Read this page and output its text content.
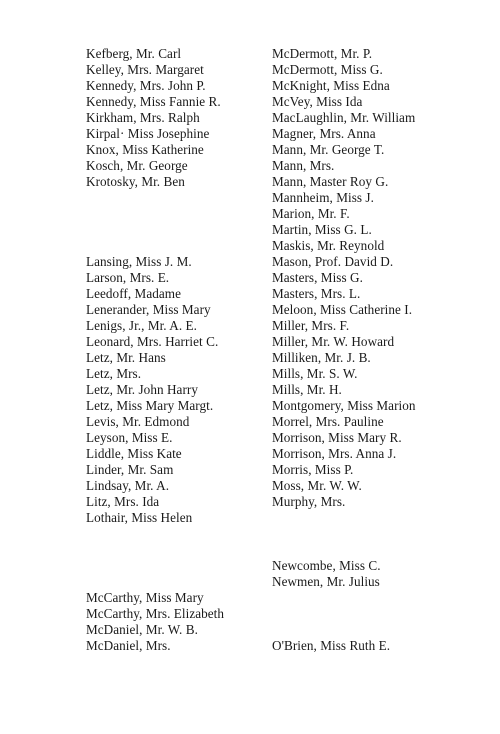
Kefberg, Mr. Carl
Kelley, Mrs. Margaret
Kennedy, Mrs. John P.
Kennedy, Miss Fannie R.
Kirkham, Mrs. Ralph
Kirpal· Miss Josephine
Knox, Miss Katherine
Kosch, Mr. George
Krotosky, Mr. Ben
Lansing, Miss J. M.
Larson, Mrs. E.
Leedoff, Madame
Lenerander, Miss Mary
Lenigs, Jr., Mr. A. E.
Leonard, Mrs. Harriet C.
Letz, Mr. Hans
Letz, Mrs.
Letz, Mr. John Harry
Letz, Miss Mary Margt.
Levis, Mr. Edmond
Leyson, Miss E.
Liddle, Miss Kate
Linder, Mr. Sam
Lindsay, Mr. A.
Litz, Mrs. Ida
Lothair, Miss Helen
McCarthy, Miss Mary
McCarthy, Mrs. Elizabeth
McDaniel, Mr. W. B.
McDaniel, Mrs.
McDermott, Mr. P.
McDermott, Miss G.
McKnight, Miss Edna
McVey, Miss Ida
MacLaughlin, Mr. William
Magner, Mrs. Anna
Mann, Mr. George T.
Mann, Mrs.
Mann, Master Roy G.
Mannheim, Miss J.
Marion, Mr. F.
Martin, Miss G. L.
Maskis, Mr. Reynold
Mason, Prof. David D.
Masters, Miss G.
Masters, Mrs. L.
Meloon, Miss Catherine I.
Miller, Mrs. F.
Miller, Mr. W. Howard
Milliken, Mr. J. B.
Mills, Mr. S. W.
Mills, Mr. H.
Montgomery, Miss Marion
Morrel, Mrs. Pauline
Morrison, Miss Mary R.
Morrison, Mrs. Anna J.
Morris, Miss P.
Moss, Mr. W. W.
Murphy, Mrs.
Newcombe, Miss C.
Newmen, Mr. Julius
O'Brien, Miss Ruth E.
